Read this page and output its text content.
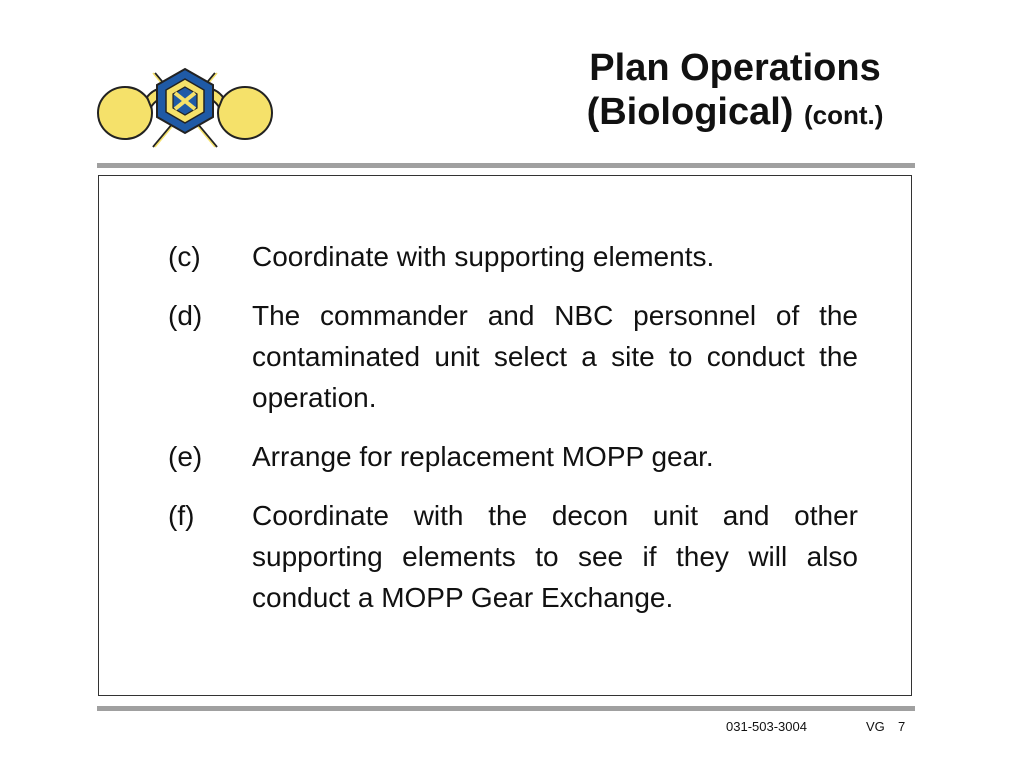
Plan Operations
(Biological) (cont.)
(c)	Coordinate with supporting elements.
(d)	The commander and NBC personnel of the contaminated unit select a site to conduct the operation.
(e)	Arrange for replacement MOPP gear.
(f)	Coordinate with the decon unit and other supporting elements to see if they will also conduct a MOPP Gear Exchange.
031-503-3004	VG 7
